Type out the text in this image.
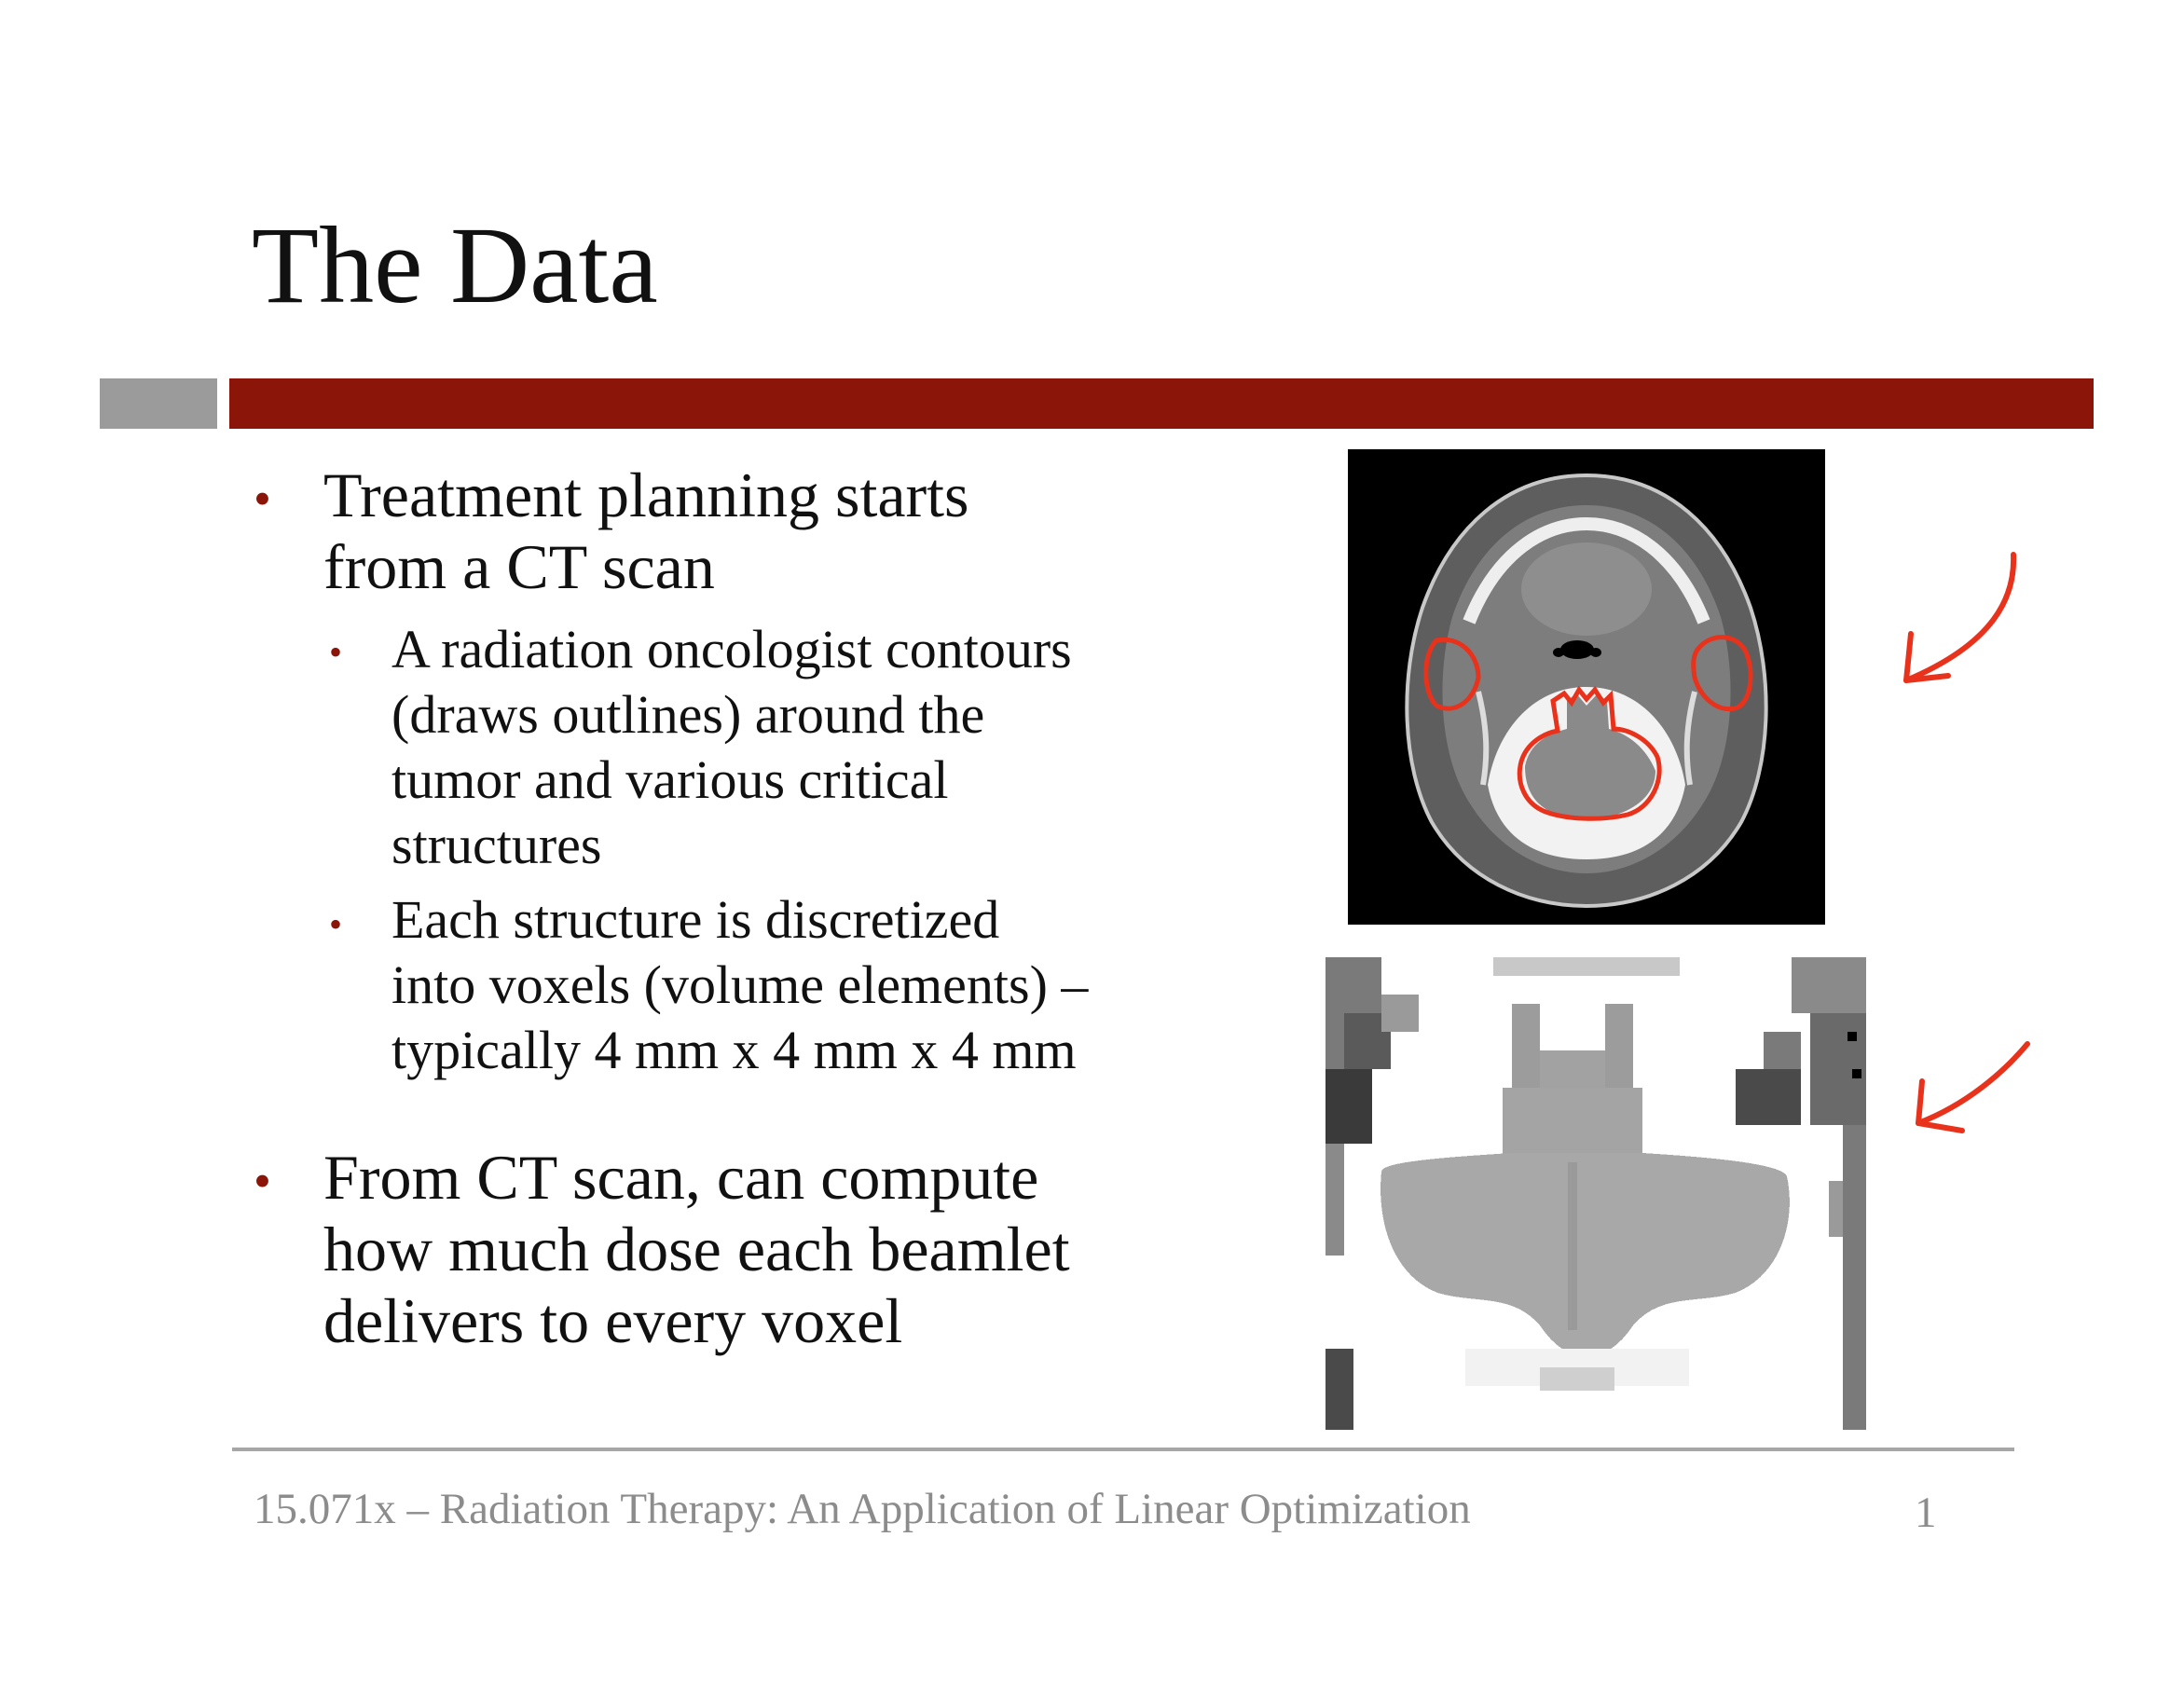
The Data
• Treatment planning starts
from a CT scan
• A radiation oncologist contours
(draws outlines) around the
tumor and various critical
structures
• Each structure is discretized
into voxels (volume elements) –
typically 4 mm x 4 mm x 4 mm
• From CT scan, can compute
how much dose each beamlet
delivers to every voxel
15.071x – Radiation Therapy: An Application of Linear Optimization	1
